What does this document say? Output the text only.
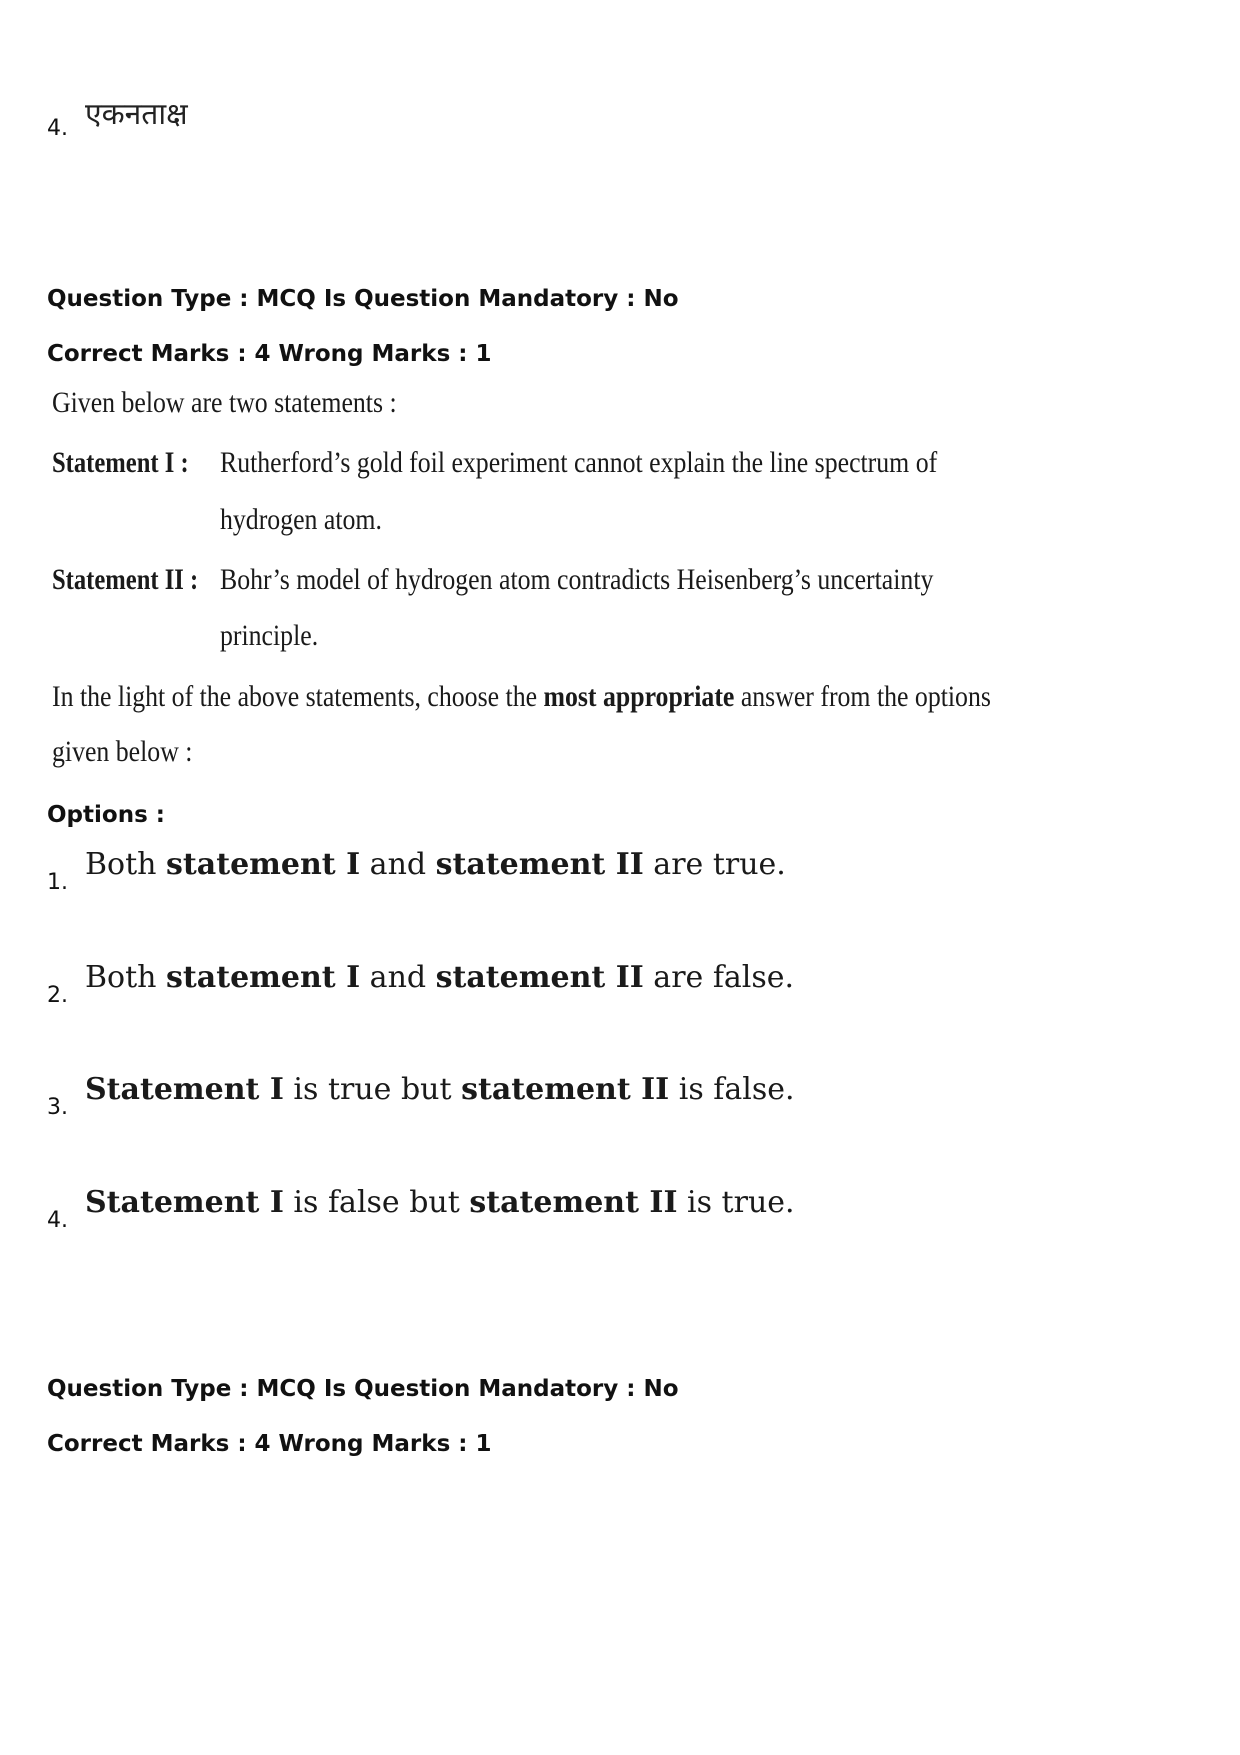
4. एकनताक्ष
Question Type : MCQ Is Question Mandatory : No
Correct Marks : 4 Wrong Marks : 1
Given below are two statements :
Statement I : Rutherford’s gold foil experiment cannot explain the line spectrum of
hydrogen atom.
Statement II : Bohr’s model of hydrogen atom contradicts Heisenberg’s uncertainty
principle.
In the light of the above statements, choose the most appropriate answer from the options
given below :
Options :
1.
Both statement I and statement II are true.
2.
Both statement I and statement II are false.
3.
Statement I is true but statement II is false.
4.
Statement I is false but statement II is true.
Question Type : MCQ Is Question Mandatory : No
Correct Marks : 4 Wrong Marks : 1
